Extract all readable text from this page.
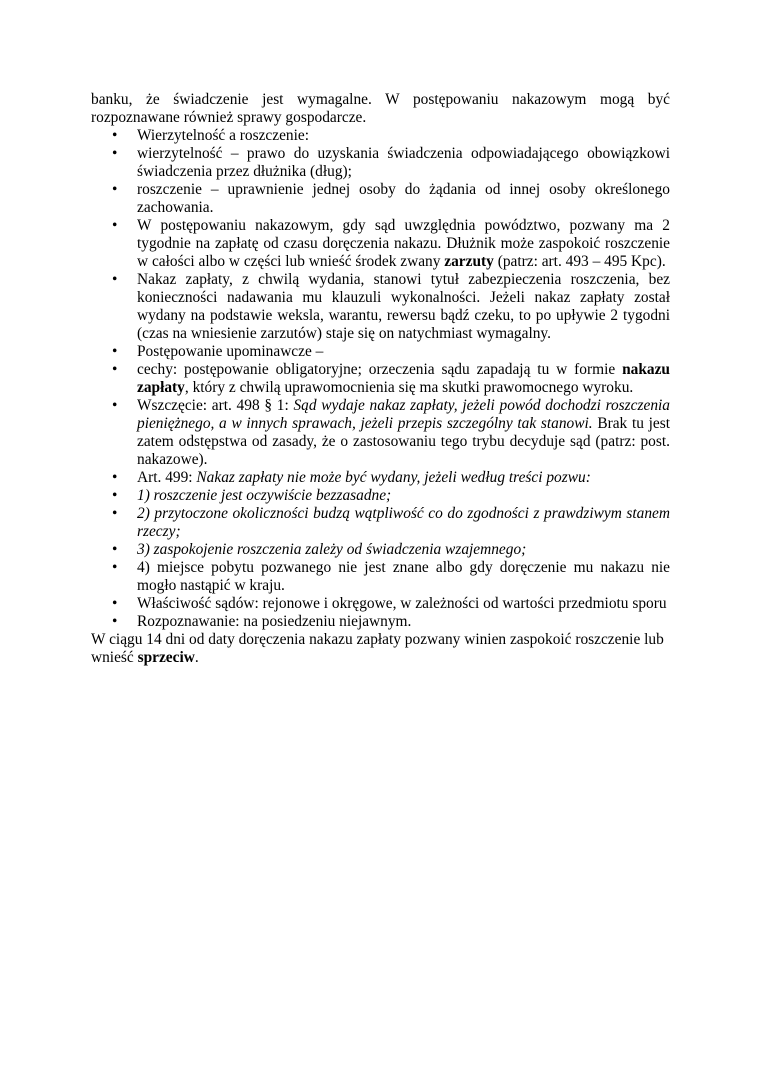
banku, że świadczenie jest wymagalne. W postępowaniu nakazowym mogą być rozpoznawane również sprawy gospodarcze.

• Wierzytelność a roszczenie:
• wierzytelność – prawo do uzyskania świadczenia odpowiadającego obowiązkowi świadczenia przez dłużnika (dług);
• roszczenie – uprawnienie jednej osoby do żądania od innej osoby określonego zachowania.
• W postępowaniu nakazowym, gdy sąd uwzględnia powództwo, pozwany ma 2 tygodnie na zapłatę od czasu doręczenia nakazu. Dłużnik może zaspokoić roszczenie w całości albo w części lub wnieść środek zwany zarzuty (patrz: art. 493 – 495 Kpc).
• Nakaz zapłaty, z chwilą wydania, stanowi tytuł zabezpieczenia roszczenia, bez konieczności nadawania mu klauzuli wykonalności. Jeżeli nakaz zapłaty został wydany na podstawie weksla, warantu, rewersu bądź czeku, to po upływie 2 tygodni (czas na wniesienie zarzutów) staje się on natychmiast wymagalny.
• Postępowanie upominawcze –
• cechy: postępowanie obligatoryjne; orzeczenia sądu zapadają tu w formie nakazu zapłaty, który z chwilą uprawomocnienia się ma skutki prawomocnego wyroku.
• Wszczęcie: art. 498 § 1: Sąd wydaje nakaz zapłaty, jeżeli powód dochodzi roszczenia pieniężnego, a w innych sprawach, jeżeli przepis szczególny tak stanowi. Brak tu jest zatem odstępstwa od zasady, że o zastosowaniu tego trybu decyduje sąd (patrz: post. nakazowe).
• Art. 499: Nakaz zapłaty nie może być wydany, jeżeli według treści pozwu:
• 1) roszczenie jest oczywiście bezzasadne;
• 2) przytoczone okoliczności budzą wątpliwość co do zgodności z prawdziwym stanem rzeczy;
• 3) zaspokojenie roszczenia zależy od świadczenia wzajemnego;
• 4) miejsce pobytu pozwanego nie jest znane albo gdy doręczenie mu nakazu nie mogło nastąpić w kraju.
• Właściwość sądów: rejonowe i okręgowe, w zależności od wartości przedmiotu sporu
• Rozpoznawanie: na posiedzeniu niejawnym.

W ciągu 14 dni od daty doręczenia nakazu zapłaty pozwany winien zaspokoić roszczenie lub wnieść sprzeciw.
